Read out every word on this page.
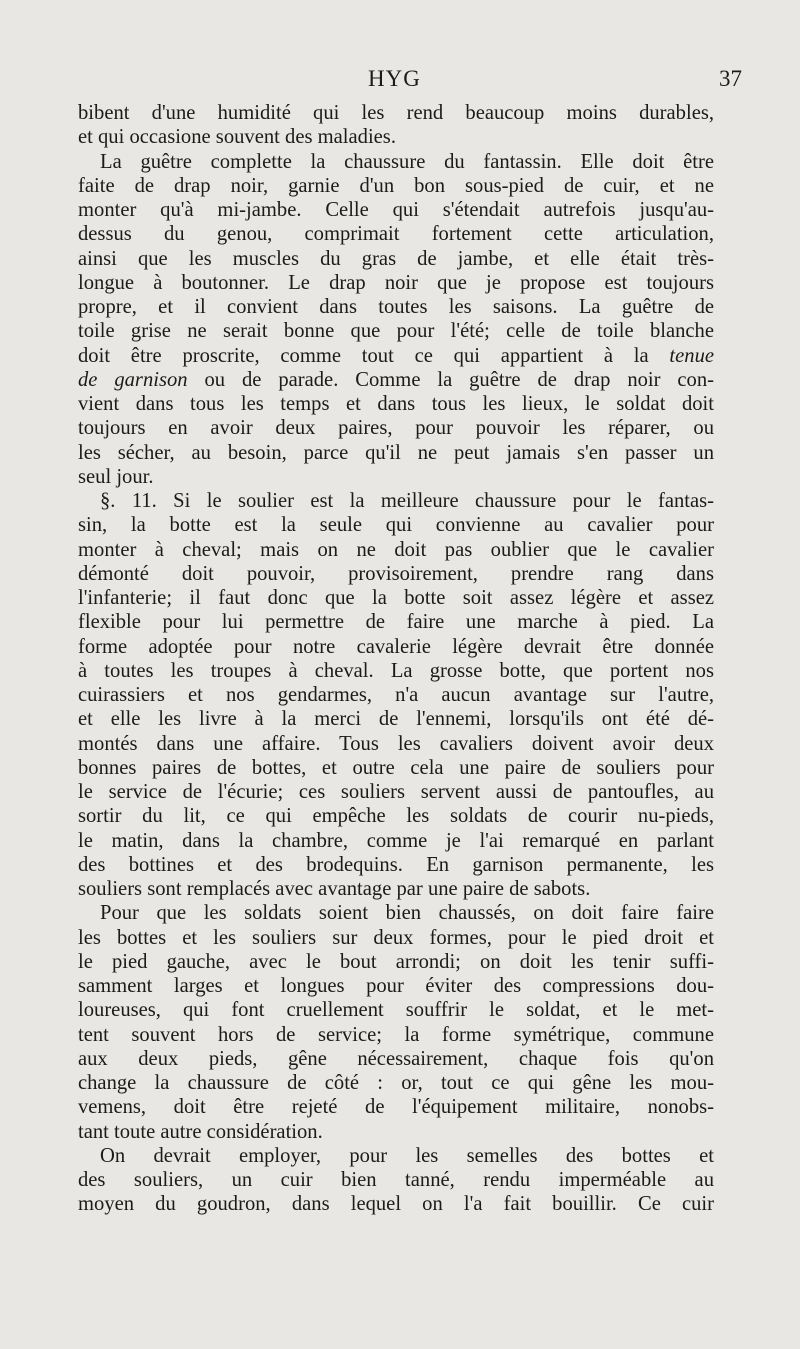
HYG	37
bibent d'une humidité qui les rend beaucoup moins durables,
et qui occasione souvent des maladies.
La guêtre complette la chaussure du fantassin. Elle doit être
faite de drap noir, garnie d'un bon sous-pied de cuir, et ne
monter qu'à mi-jambe. Celle qui s'étendait autrefois jusqu'au-
dessus du genou, comprimait fortement cette articulation,
ainsi que les muscles du gras de jambe, et elle était très-
longue à boutonner. Le drap noir que je propose est toujours
propre, et il convient dans toutes les saisons. La guêtre de
toile grise ne serait bonne que pour l'été; celle de toile blanche
doit être proscrite, comme tout ce qui appartient à la tenue
de garnison ou de parade. Comme la guêtre de drap noir con-
vient dans tous les temps et dans tous les lieux, le soldat doit
toujours en avoir deux paires, pour pouvoir les réparer, ou
les sécher, au besoin, parce qu'il ne peut jamais s'en passer un
seul jour.
§. 11. Si le soulier est la meilleure chaussure pour le fantas-
sin, la botte est la seule qui convienne au cavalier pour
monter à cheval; mais on ne doit pas oublier que le cavalier
démonté doit pouvoir, provisoirement, prendre rang dans
l'infanterie; il faut donc que la botte soit assez légère et assez
flexible pour lui permettre de faire une marche à pied. La
forme adoptée pour notre cavalerie légère devrait être donnée
à toutes les troupes à cheval. La grosse botte, que portent nos
cuirassiers et nos gendarmes, n'a aucun avantage sur l'autre,
et elle les livre à la merci de l'ennemi, lorsqu'ils ont été dé-
montés dans une affaire. Tous les cavaliers doivent avoir deux
bonnes paires de bottes, et outre cela une paire de souliers pour
le service de l'écurie; ces souliers servent aussi de pantoufles, au
sortir du lit, ce qui empêche les soldats de courir nu-pieds,
le matin, dans la chambre, comme je l'ai remarqué en parlant
des bottines et des brodequins. En garnison permanente, les
souliers sont remplacés avec avantage par une paire de sabots.
Pour que les soldats soient bien chaussés, on doit faire faire
les bottes et les souliers sur deux formes, pour le pied droit et
le pied gauche, avec le bout arrondi; on doit les tenir suffi-
samment larges et longues pour éviter des compressions dou-
loureuses, qui font cruellement souffrir le soldat, et le met-
tent souvent hors de service; la forme symétrique, commune
aux deux pieds, gêne nécessairement, chaque fois qu'on
change la chaussure de côté : or, tout ce qui gêne les mou-
vemens, doit être rejeté de l'équipement militaire, nonobs-
tant toute autre considération.
On devrait employer, pour les semelles des bottes et
des souliers, un cuir bien tanné, rendu imperméable au
moyen du goudron, dans lequel on l'a fait bouillir. Ce cuir
